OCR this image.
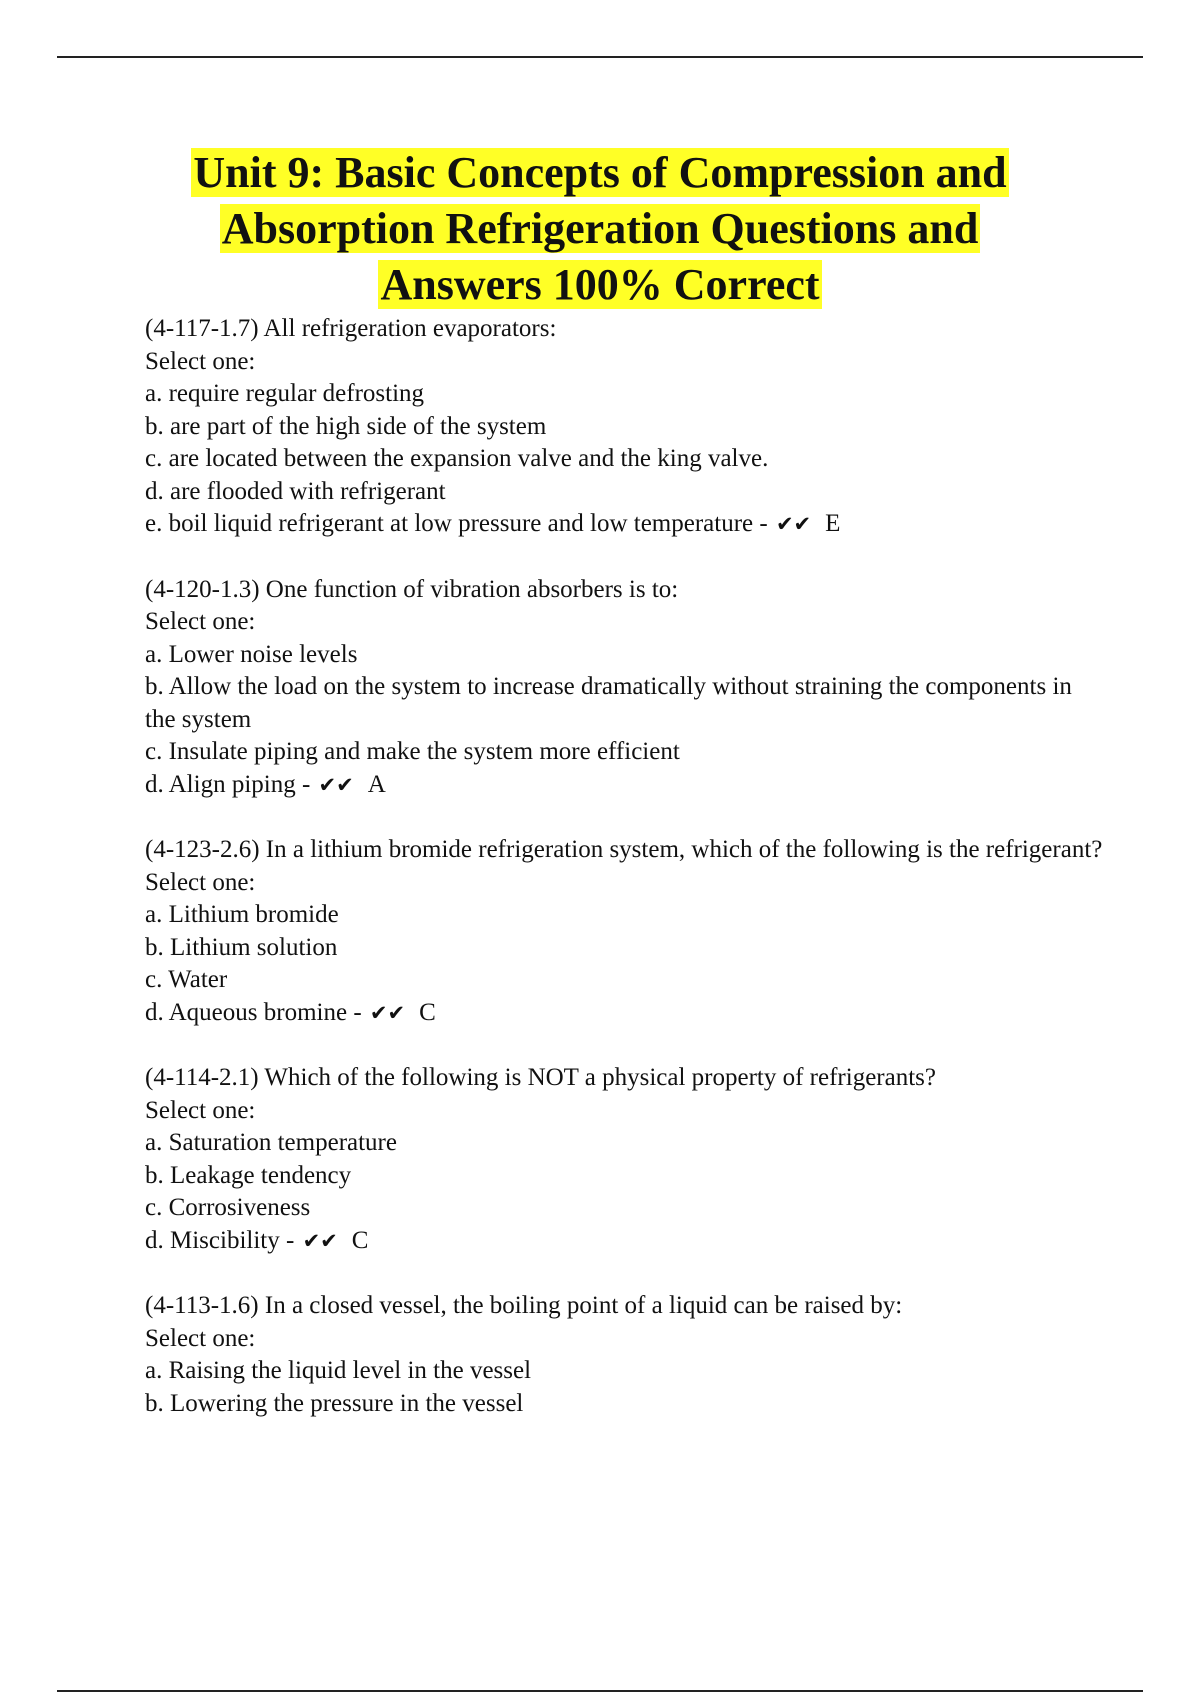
Unit 9: Basic Concepts of Compression and
Absorption Refrigeration Questions and
Answers 100% Correct
(4-117-1.7) All refrigeration evaporators:
Select one:
a. require regular defrosting
b. are part of the high side of the system
c. are located between the expansion valve and the king valve.
d. are flooded with refrigerant
e. boil liquid refrigerant at low pressure and low temperature - ✔✔ E
(4-120-1.3) One function of vibration absorbers is to:
Select one:
a. Lower noise levels
b. Allow the load on the system to increase dramatically without straining the components in the system
c. Insulate piping and make the system more efficient
d. Align piping - ✔✔ A
(4-123-2.6) In a lithium bromide refrigeration system, which of the following is the refrigerant?
Select one:
a. Lithium bromide
b. Lithium solution
c. Water
d. Aqueous bromine - ✔✔ C
(4-114-2.1) Which of the following is NOT a physical property of refrigerants?
Select one:
a. Saturation temperature
b. Leakage tendency
c. Corrosiveness
d. Miscibility - ✔✔ C
(4-113-1.6) In a closed vessel, the boiling point of a liquid can be raised by:
Select one:
a. Raising the liquid level in the vessel
b. Lowering the pressure in the vessel
